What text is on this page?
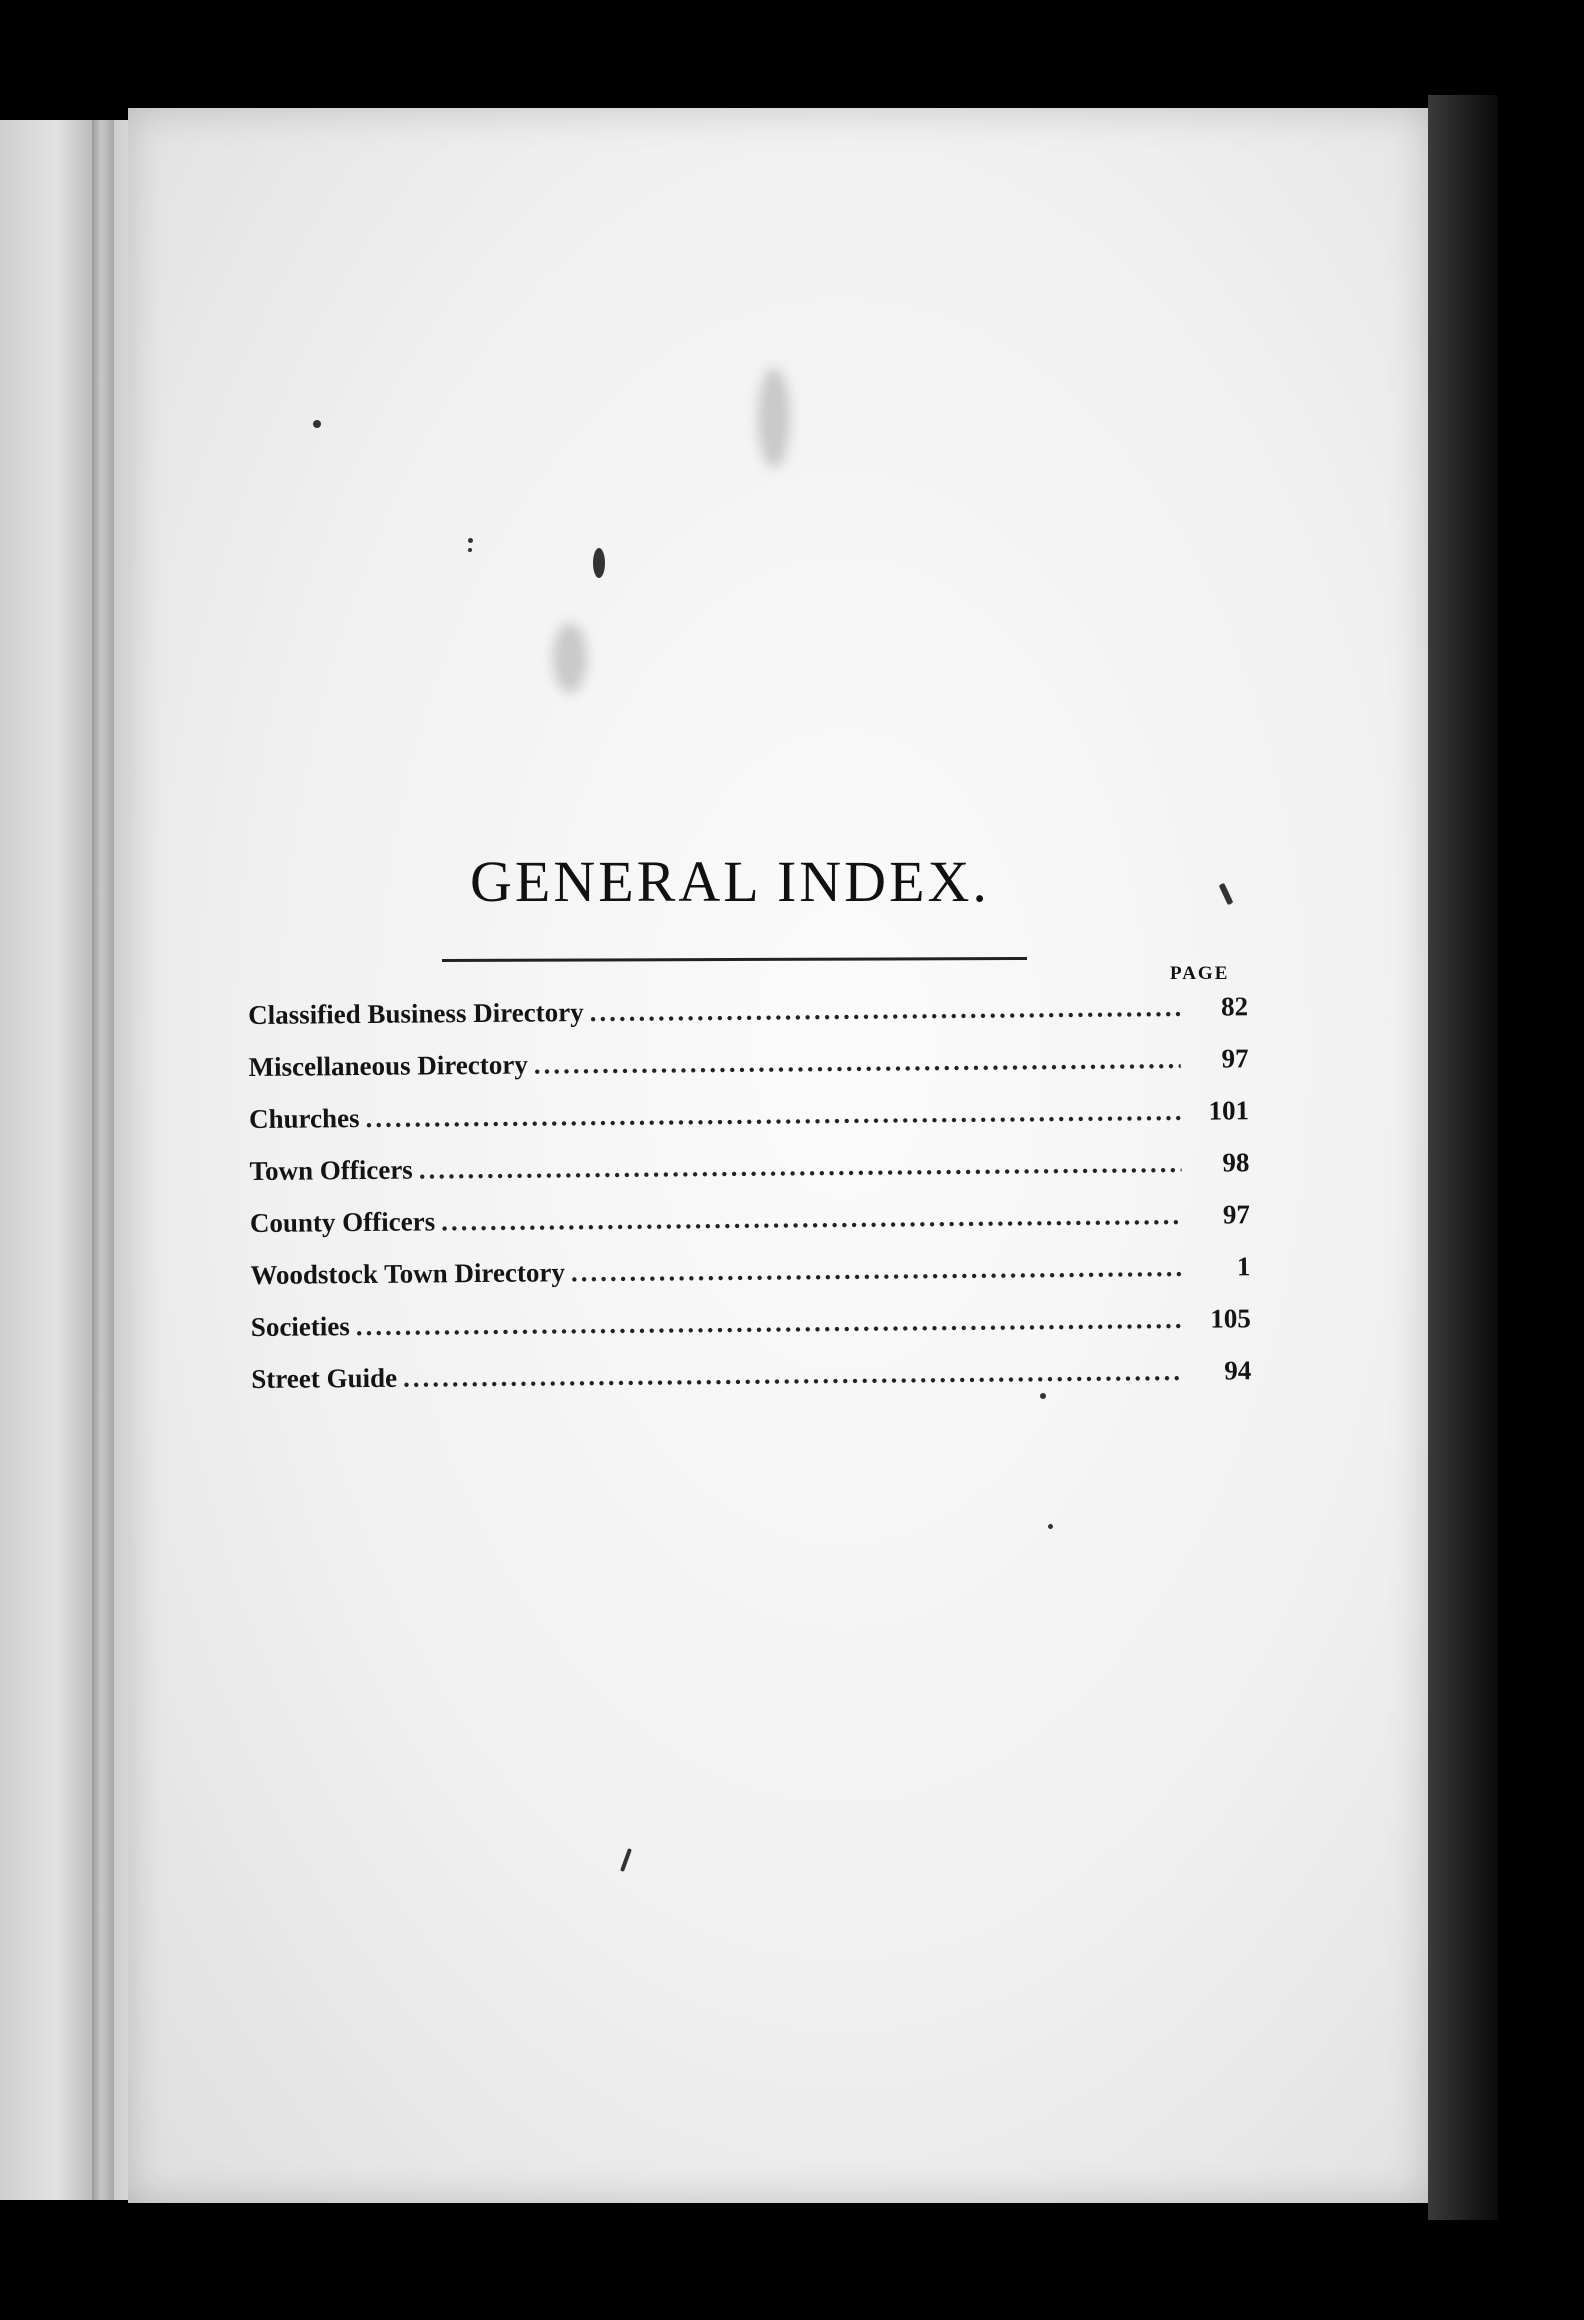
GENERAL INDEX.
PAGE
Classified Business Directory .....	82
Miscellaneous Directory .....	97
Churches .....	101
Town Officers .....	98
County Officers .....	97
Woodstock Town Directory .....	1
Societies .....	105
Street Guide .....	94
